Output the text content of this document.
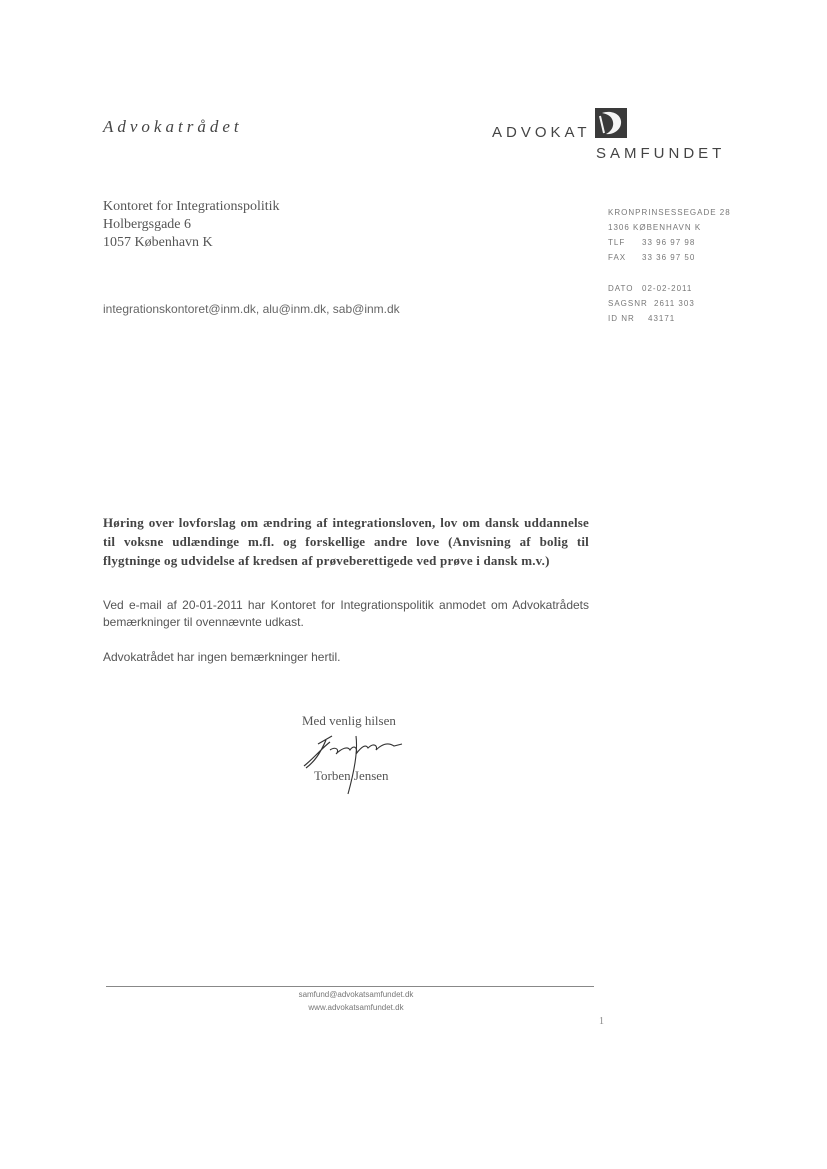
Advokatrådet	ADVOKAT
SAMFUNDET
Kontoret for Integrationspolitik
Holbergsgade 6
1057 København K
KRONPRINSESSEGADE 28
1306 KØBENHAVN K
TLF	33 96 97 98
FAX	33 36 97 50
DATO	02-02-2011
SAGSNR 2611 303
ID NR	43171
integrationskontoret@inm.dk, alu@inm.dk, sab@inm.dk
Høring over lovforslag om ændring af integrationsloven, lov om dansk uddannelse til voksne udlændinge m.fl. og forskellige andre love (Anvisning af bolig til flygtninge og udvidelse af kredsen af prøveberettigede ved prøve i dansk m.v.)
Ved e-mail af 20-01-2011 har Kontoret for Integrationspolitik anmodet om Advokatrådets bemærkninger til ovennævnte udkast.
Advokatrådet har ingen bemærkninger hertil.
Med venlig hilsen
Torben Jensen
samfund@advokatsamfundet.dk
www.advokatsamfundet.dk
1
